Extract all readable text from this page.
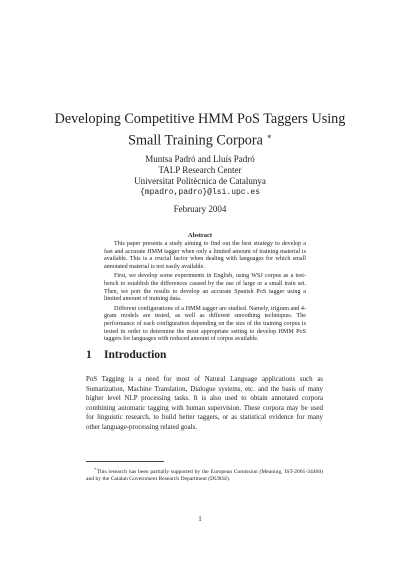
Developing Competitive HMM PoS Taggers Using
Small Training Corpora ∗
Muntsa Padró and Lluís Padró
TALP Research Center
Universitat Politècnica de Catalunya
{mpadro,padro}@lsi.upc.es
February 2004
Abstract

This paper presents a study aiming to find out the best strategy to develop a fast and accurate HMM tagger when only a limited amount of training material is available. This is a crucial factor when dealing with languages for which small annotated material is not easily available.

First, we develop some experiments in English, using WSJ corpus as a test-bench to establish the differences caused by the use of large or a small train set. Then, we port the results to develop an accurate Spanish PoS tagger using a limited amount of training data.

Different configurations of a HMM tagger are studied. Namely, trigram and 4-gram models are tested, as well as different smoothing techniques. The performance of each configuration depending on the size of the training corpus is tested in order to determine the most appropriate setting to develop HMM PoS taggers for languages with reduced amount of corpus available.

1 Introduction

PoS Tagging is a need for most of Natural Language applications such as Sumarization, Machine Translation, Dialogue systems, etc. and the basis of many higher level NLP processing tasks. It is also used to obtain annotated corpora combining automatic tagging with human supervision. These corpora may be used for linguistic research, to build better taggers, or as statistical evidence for many other language-processing related goals.

∗This research has been partially supported by the European Comission (Meaning, IST-2001-34460) and by the Catalan Government Research Department (DURSI).
1
